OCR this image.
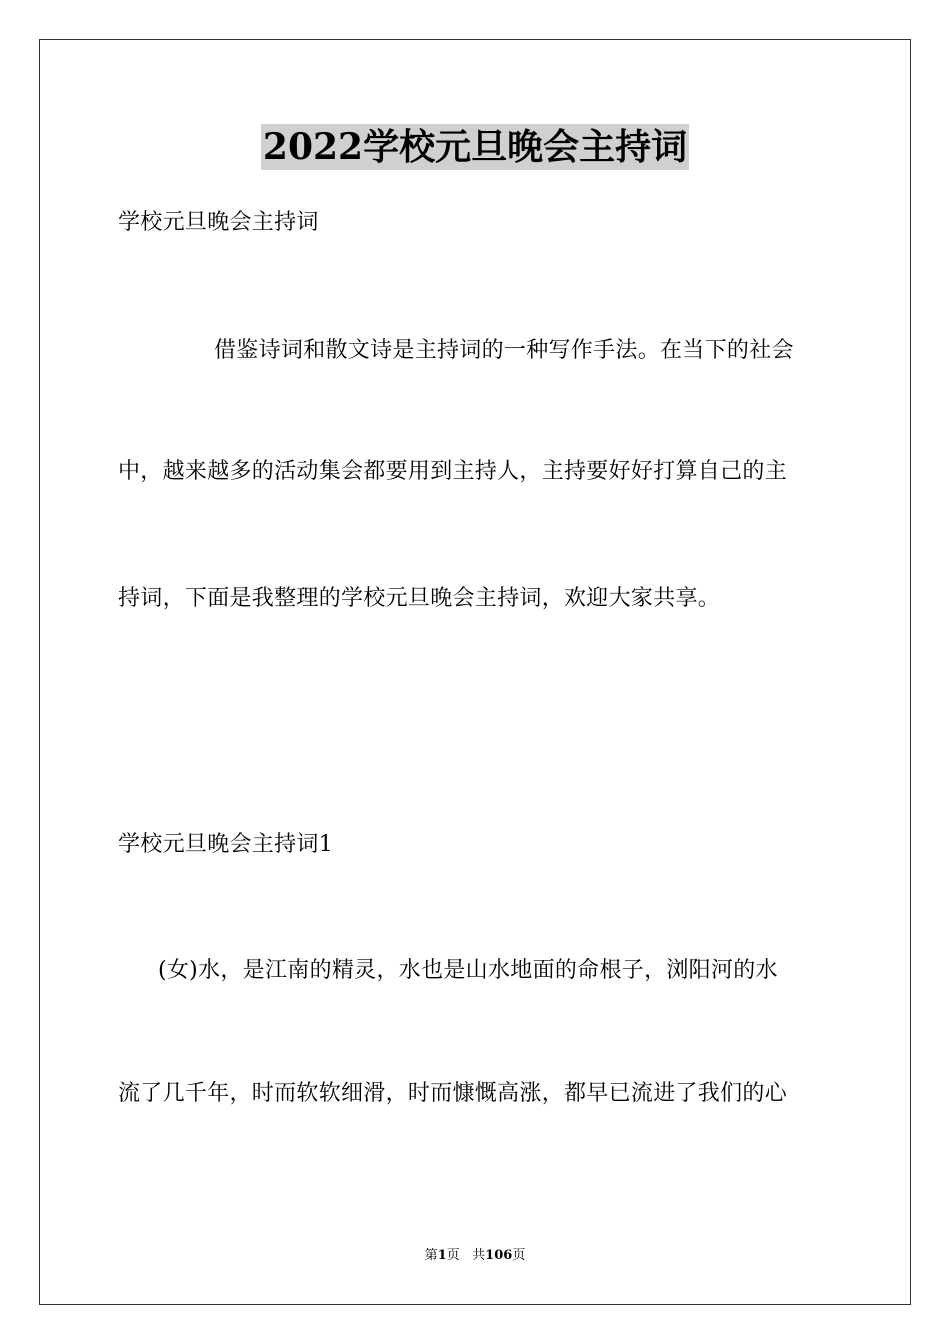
2022学校元旦晚会主持词
学校元旦晚会主持词
借鉴诗词和散文诗是主持词的一种写作手法。在当下的社会
中，越来越多的活动集会都要用到主持人，主持要好好打算自己的主
持词，下面是我整理的学校元旦晚会主持词，欢迎大家共享。
学校元旦晚会主持词1
(女)水，是江南的精灵，水也是山水地面的命根子，浏阳河的水
流了几千年，时而软软细滑，时而慷慨高涨，都早已流进了我们的心
第1页 共106页
